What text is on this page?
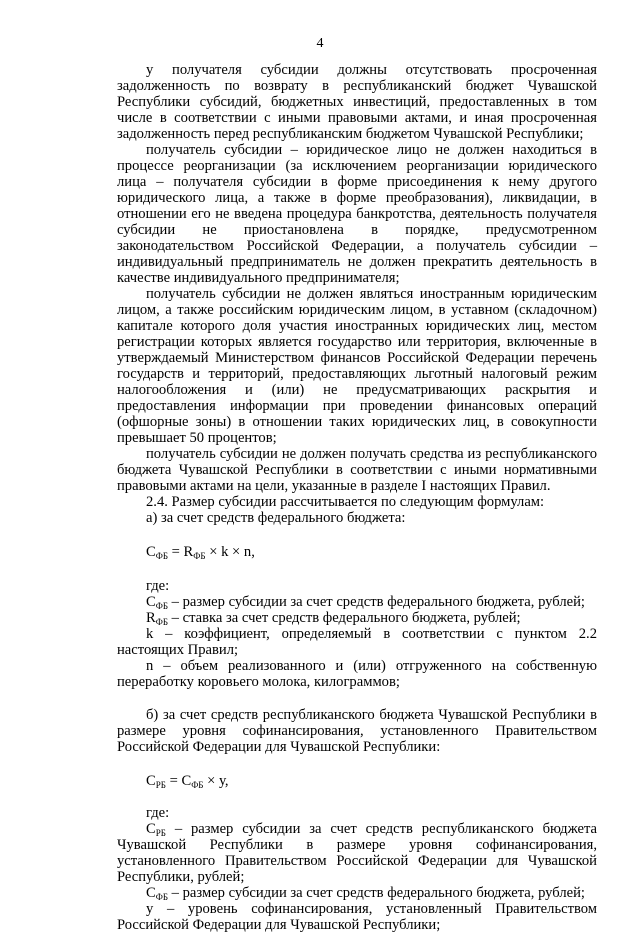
4

у получателя субсидии должны отсутствовать просроченная задолженность по возврату в республиканский бюджет Чувашской Республики субсидий, бюджетных инвестиций, предоставленных в том числе в соответствии с иными правовыми актами, и иная просроченная задолженность перед республиканским бюджетом Чувашской Республики;

получатель субсидии – юридическое лицо не должен находиться в процессе реорганизации (за исключением реорганизации юридического лица – получателя субсидии в форме присоединения к нему другого юридического лица, а также в форме преобразования), ликвидации, в отношении его не введена процедура банкротства, деятельность получателя субсидии не приостановлена в порядке, предусмотренном законодательством Российской Федерации, а получатель субсидии – индивидуальный предприниматель не должен прекратить деятельность в качестве индивидуального предпринимателя;

получатель субсидии не должен являться иностранным юридическим лицом, а также российским юридическим лицом, в уставном (складочном) капитале которого доля участия иностранных юридических лиц, местом регистрации которых является государство или территория, включенные в утверждаемый Министерством финансов Российской Федерации перечень государств и территорий, предоставляющих льготный налоговый режим налогообложения и (или) не предусматривающих раскрытия и предоставления информации при проведении финансовых операций (офшорные зоны) в отношении таких юридических лиц, в совокупности превышает 50 процентов;

получатель субсидии не должен получать средства из республиканского бюджета Чувашской Республики в соответствии с иными нормативными правовыми актами на цели, указанные в разделе I настоящих Правил.

2.4. Размер субсидии рассчитывается по следующим формулам:

а) за счет средств федерального бюджета:

$С_{ФБ} = R_{ФБ} \times k \times n$,

где:

$С_{ФБ}$ – размер субсидии за счет средств федерального бюджета, рублей;

$R_{ФБ}$ – ставка за счет средств федерального бюджета, рублей;

k – коэффициент, определяемый в соответствии с пунктом 2.2 настоящих Правил;

n – объем реализованного и (или) отгруженного на собственную переработку коровьего молока, килограммов;

б) за счет средств республиканского бюджета Чувашской Республики в размере уровня софинансирования, установленного Правительством Российской Федерации для Чувашской Республики:

$С_{РБ} = С_{ФБ} \times у$,

где:

$С_{РБ}$ – размер субсидии за счет средств республиканского бюджета Чувашской Республики в размере уровня софинансирования, установленного Правительством Российской Федерации для Чувашской Республики, рублей;

$С_{ФБ}$ – размер субсидии за счет средств федерального бюджета, рублей;

у – уровень софинансирования, установленный Правительством Российской Федерации для Чувашской Республики;
